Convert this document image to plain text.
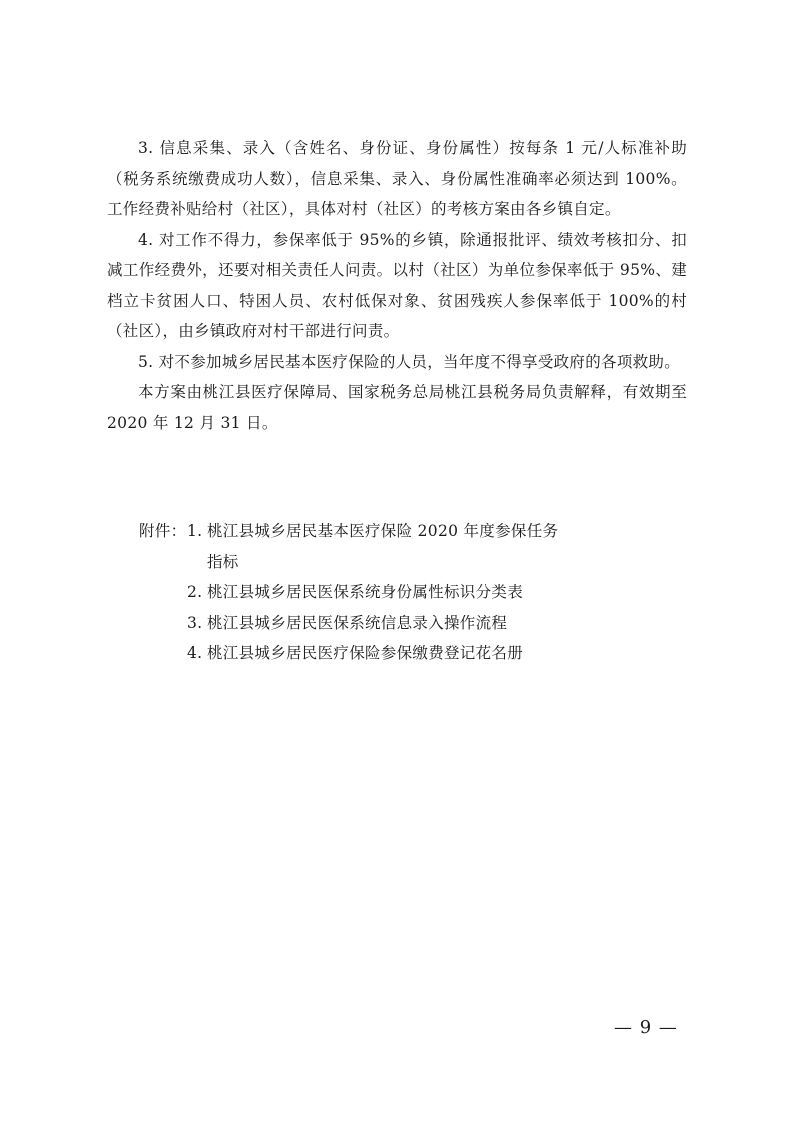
3. 信息采集、录入（含姓名、身份证、身份属性）按每条 1 元/人标准补助（税务系统缴费成功人数），信息采集、录入、身份属性准确率必须达到 100%。工作经费补贴给村（社区），具体对村（社区）的考核方案由各乡镇自定。

4. 对工作不得力，参保率低于 95%的乡镇，除通报批评、绩效考核扣分、扣减工作经费外，还要对相关责任人问责。以村（社区）为单位参保率低于 95%、建档立卡贫困人口、特困人员、农村低保对象、贫困残疾人参保率低于 100%的村（社区），由乡镇政府对村干部进行问责。

5. 对不参加城乡居民基本医疗保险的人员，当年度不得享受政府的各项救助。

本方案由桃江县医疗保障局、国家税务总局桃江县税务局负责解释，有效期至 2020 年 12 月 31 日。

附件： 1. 桃江县城乡居民基本医疗保险 2020 年度参保任务
指标
2. 桃江县城乡居民医保系统身份属性标识分类表
3. 桃江县城乡居民医保系统信息录入操作流程
4. 桃江县城乡居民医疗保险参保缴费登记花名册
— 9 —
